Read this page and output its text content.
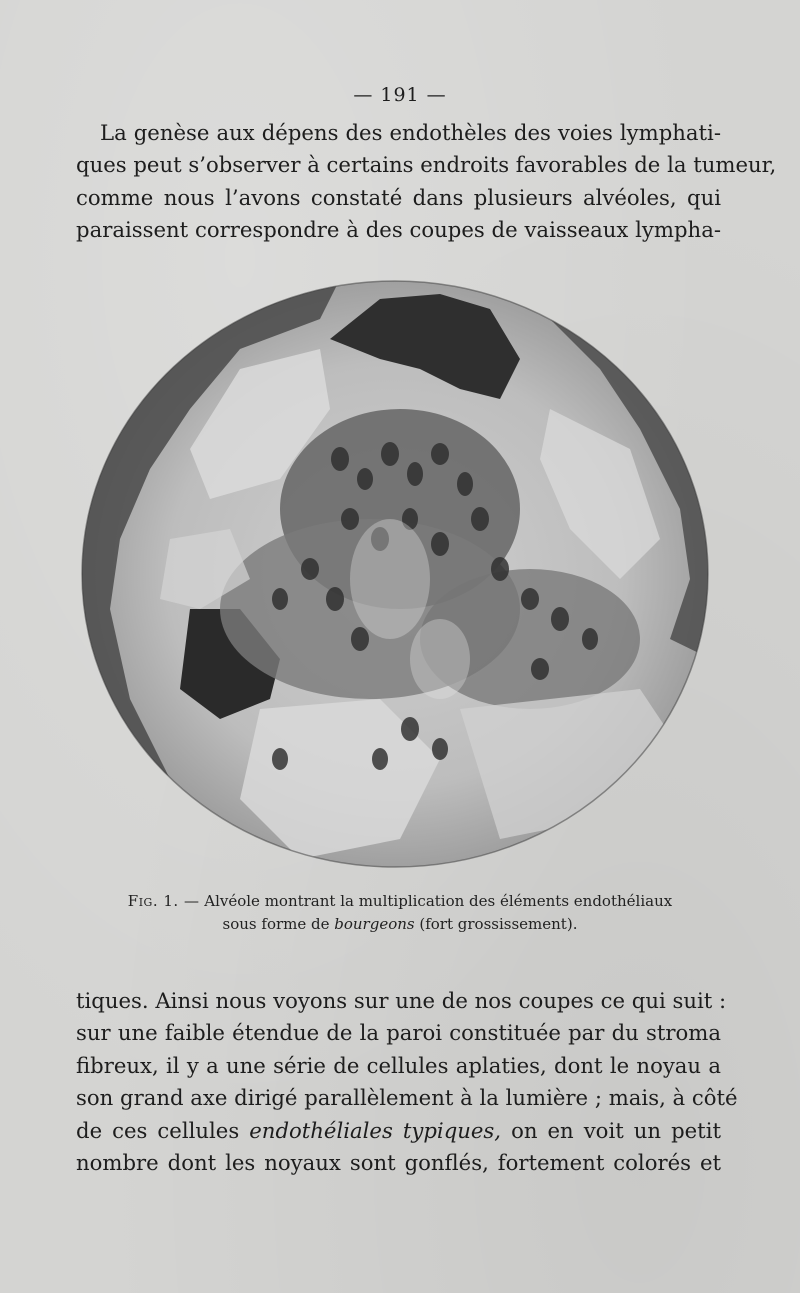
— 191 —
La genèse aux dépens des endothèles des voies lymphati-
ques peut s’observer à certains endroits favorables de la tumeur,
comme nous l’avons constaté dans plusieurs alvéoles, qui
paraissent correspondre à des coupes de vaisseaux lympha-
Fig. 1. — Alvéole montrant la multiplication des éléments endothéliaux
sous forme de bourgeons (fort grossissement).
tiques. Ainsi nous voyons sur une de nos coupes ce qui suit :
sur une faible étendue de la paroi constituée par du stroma
fibreux, il y a une série de cellules aplaties, dont le noyau a
son grand axe dirigé parallèlement à la lumière ; mais, à côté
de ces cellules endothéliales typiques, on en voit un petit
nombre dont les noyaux sont gonflés, fortement colorés et
